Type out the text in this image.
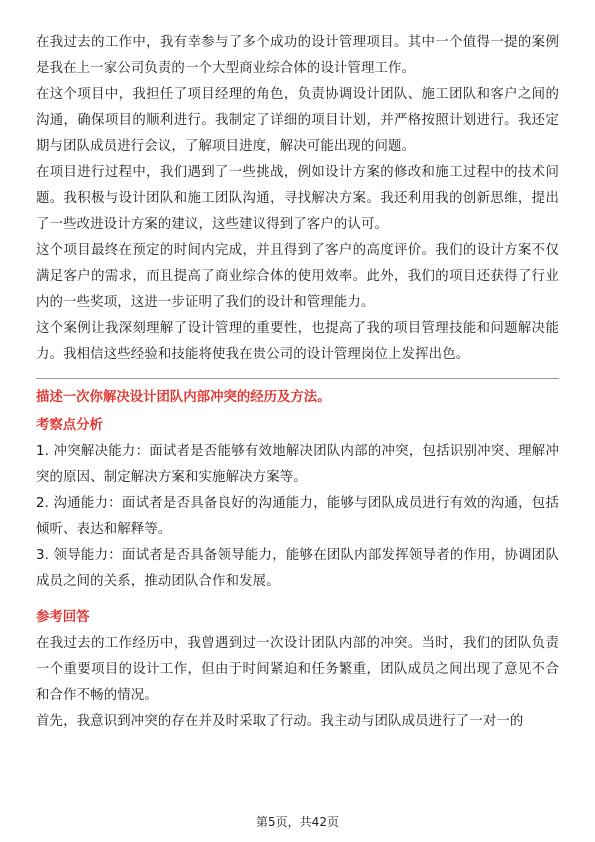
在我过去的工作中，我有幸参与了多个成功的设计管理项目。其中一个值得一提的案例是我在上一家公司负责的一个大型商业综合体的设计管理工作。

在这个项目中，我担任了项目经理的角色，负责协调设计团队、施工团队和客户之间的沟通，确保项目的顺利进行。我制定了详细的项目计划，并严格按照计划进行。我还定期与团队成员进行会议，了解项目进度，解决可能出现的问题。

在项目进行过程中，我们遇到了一些挑战，例如设计方案的修改和施工过程中的技术问题。我积极与设计团队和施工团队沟通，寻找解决方案。我还利用我的创新思维，提出了一些改进设计方案的建议，这些建议得到了客户的认可。

这个项目最终在预定的时间内完成，并且得到了客户的高度评价。我们的设计方案不仅满足客户的需求，而且提高了商业综合体的使用效率。此外，我们的项目还获得了行业内的一些奖项，这进一步证明了我们的设计和管理能力。

这个案例让我深刻理解了设计管理的重要性，也提高了我的项目管理技能和问题解决能力。我相信这些经验和技能将使我在贵公司的设计管理岗位上发挥出色。

描述一次你解决设计团队内部冲突的经历及方法。
考察点分析

1. 冲突解决能力：面试者是否能够有效地解决团队内部的冲突，包括识别冲突、理解冲突的原因、制定解决方案和实施解决方案等。

2. 沟通能力：面试者是否具备良好的沟通能力，能够与团队成员进行有效的沟通，包括倾听、表达和解释等。

3. 领导能力：面试者是否具备领导能力，能够在团队内部发挥领导者的作用，协调团队成员之间的关系，推动团队合作和发展。

参考回答

在我过去的工作经历中，我曾遇到过一次设计团队内部的冲突。当时，我们的团队负责一个重要项目的设计工作，但由于时间紧迫和任务繁重，团队成员之间出现了意见不合和合作不畅的情况。

首先，我意识到冲突的存在并及时采取了行动。我主动与团队成员进行了一对一的

第5页，共42页
